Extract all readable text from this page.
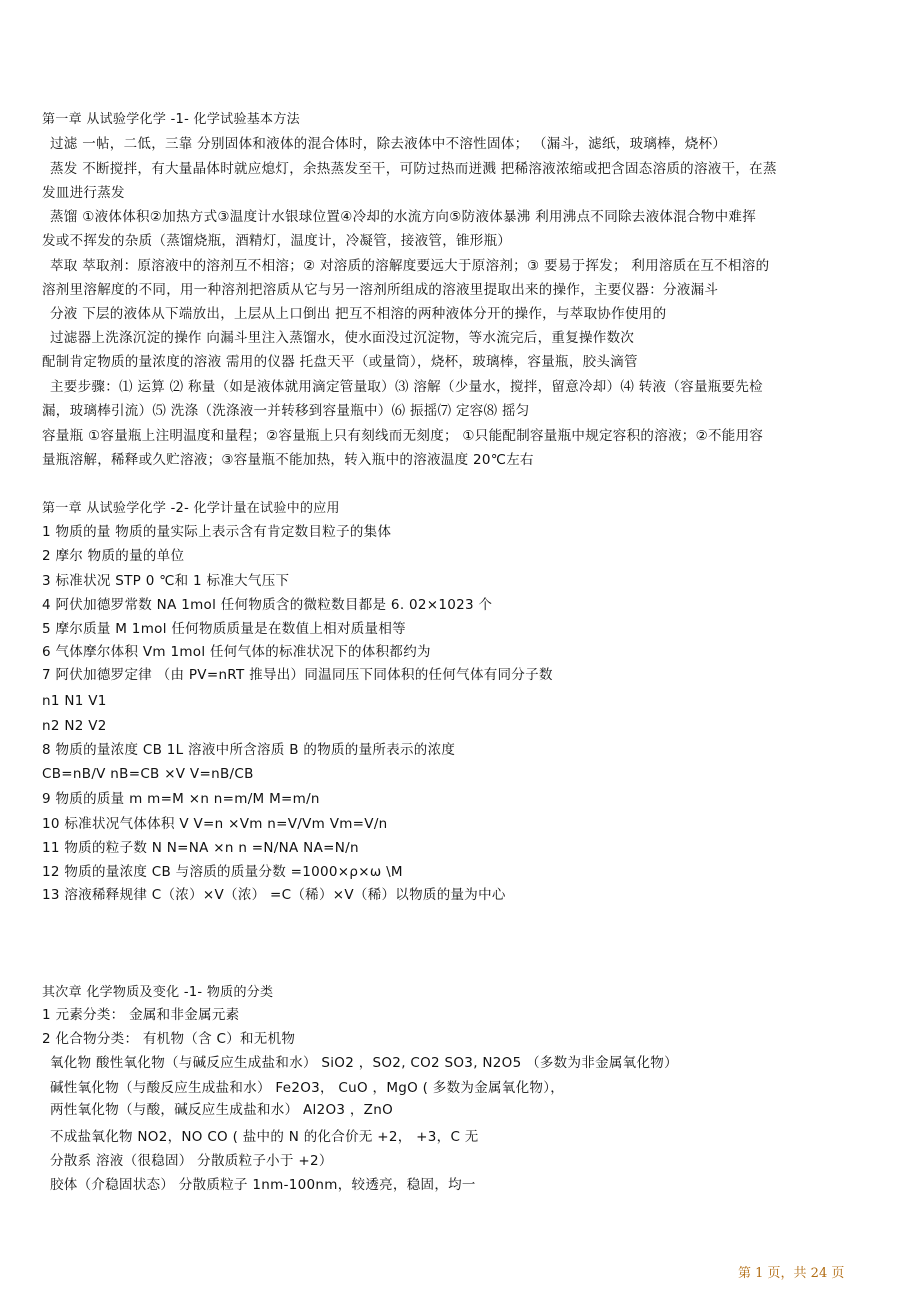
第一章 从试验学化学 -1- 化学试验基本方法
过滤 一帖，二低，三靠 分别固体和液体的混合体时，除去液体中不溶性固体； （漏斗，滤纸，玻璃棒，烧杯）
蒸发 不断搅拌，有大量晶体时就应熄灯，余热蒸发至干，可防过热而迸溅 把稀溶液浓缩或把含固态溶质的溶液干，在蒸
发皿进行蒸发
蒸馏 ①液体体积②加热方式③温度计水银球位置④冷却的水流方向⑤防液体暴沸 利用沸点不同除去液体混合物中难挥
发或不挥发的杂质（蒸馏烧瓶，酒精灯，温度计，冷凝管，接液管，锥形瓶）
萃取 萃取剂：原溶液中的溶剂互不相溶；② 对溶质的溶解度要远大于原溶剂；③ 要易于挥发； 利用溶质在互不相溶的
溶剂里溶解度的不同，用一种溶剂把溶质从它与另一溶剂所组成的溶液里提取出来的操作，主要仪器：分液漏斗
分液 下层的液体从下端放出，上层从上口倒出 把互不相溶的两种液体分开的操作，与萃取协作使用的
过滤器上洗涤沉淀的操作 向漏斗里注入蒸馏水，使水面没过沉淀物，等水流完后，重复操作数次
配制肯定物质的量浓度的溶液 需用的仪器 托盘天平（或量筒），烧杯，玻璃棒，容量瓶，胶头滴管
主要步骤：⑴ 运算 ⑵ 称量（如是液体就用滴定管量取）⑶ 溶解（少量水，搅拌，留意冷却）⑷ 转液（容量瓶要先检
漏，玻璃棒引流）⑸ 洗涤（洗涤液一并转移到容量瓶中）⑹ 振摇⑺ 定容⑻ 摇匀
容量瓶 ①容量瓶上注明温度和量程；②容量瓶上只有刻线而无刻度； ①只能配制容量瓶中规定容积的溶液；②不能用容
量瓶溶解，稀释或久贮溶液；③容量瓶不能加热，转入瓶中的溶液温度 20℃左右
第一章 从试验学化学 -2- 化学计量在试验中的应用
1 物质的量 物质的量实际上表示含有肯定数目粒子的集体
2 摩尔 物质的量的单位
3 标准状况 STP 0 ℃和 1 标准大气压下
4 阿伏加德罗常数 NA 1mol 任何物质含的微粒数目都是 6. 02×1023 个
5 摩尔质量 M 1mol 任何物质质量是在数值上相对质量相等
6 气体摩尔体积 Vm 1mol 任何气体的标准状况下的体积都约为
7 阿伏加德罗定律 （由 PV=nRT 推导出）同温同压下同体积的任何气体有同分子数
n1 N1 V1
n2 N2 V2
8 物质的量浓度 CB 1L 溶液中所含溶质 B 的物质的量所表示的浓度
CB=nB/V nB=CB ×V V=nB/CB
9 物质的质量 m m=M ×n n=m/M M=m/n
10 标准状况气体体积 V V=n ×Vm n=V/Vm Vm=V/n
11 物质的粒子数 N N=NA ×n n =N/NA NA=N/n
12 物质的量浓度 CB 与溶质的质量分数 =1000×ρ×ω \M
13 溶液稀释规律 C（浓）×V（浓） =C（稀）×V（稀）以物质的量为中心
其次章 化学物质及变化 -1- 物质的分类
1 元素分类： 金属和非金属元素
2 化合物分类： 有机物（含 C）和无机物
氧化物 酸性氧化物（与碱反应生成盐和水） SiO2 ，SO2, CO2 SO3, N2O5 （多数为非金属氧化物）
碱性氧化物（与酸反应生成盐和水） Fe2O3， CuO ，MgO ( 多数为金属氧化物），
两性氧化物（与酸，碱反应生成盐和水） Al2O3 ，ZnO
不成盐氧化物 NO2，NO CO ( 盐中的 N 的化合价无 +2， +3，C 无
分散系 溶液（很稳固） 分散质粒子小于 +2）
胶体（介稳固状态） 分散质粒子 1nm-100nm，较透亮，稳固，均一
第 1 页，共 24 页
